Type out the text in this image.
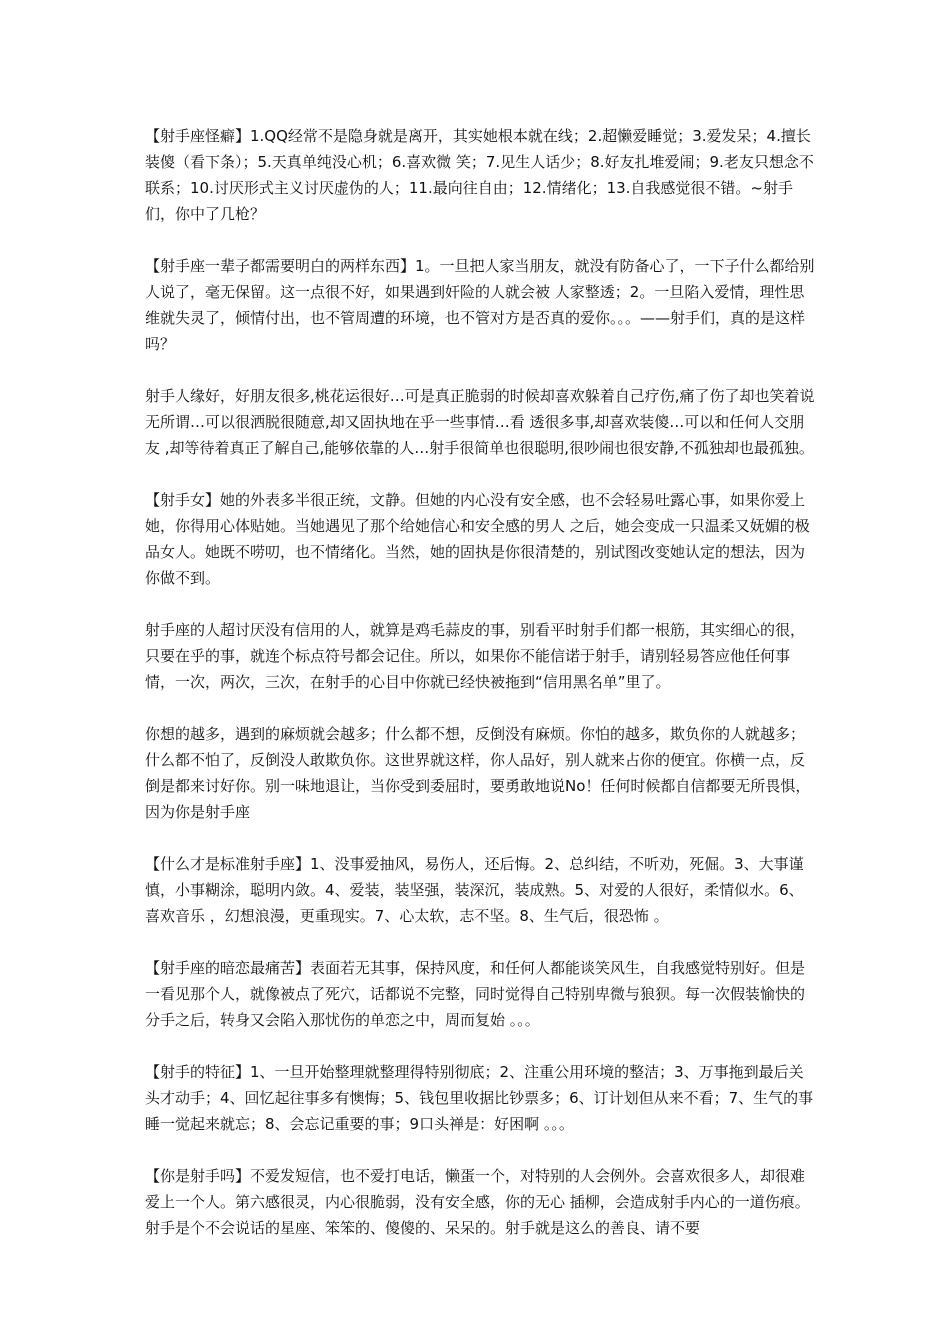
【射手座怪癖】1.QQ经常不是隐身就是离开，其实她根本就在线；2.超懒爱睡觉；3.爱发呆；4.擅长装傻（看下条）；5.天真单纯没心机；6.喜欢微 笑；7.见生人话少；8.好友扎堆爱闹；9.老友只想念不联系；10.讨厌形式主义讨厌虚伪的人；11.最向往自由；12.情绪化；13.自我感觉很不错。~射手们，你中了几枪？

【射手座一辈子都需要明白的两样东西】1。一旦把人家当朋友，就没有防备心了，一下子什么都给别人说了，毫无保留。这一点很不好，如果遇到奸险的人就会被 人家整透；2。一旦陷入爱情，理性思维就失灵了，倾情付出，也不管周遭的环境，也不管对方是否真的爱你。。。——射手们，真的是这样吗？

射手人缘好，好朋友很多,桃花运很好…可是真正脆弱的时候却喜欢躲着自己疗伤,痛了伤了却也笑着说无所谓…可以很洒脱很随意,却又固执地在乎一些事情…看 透很多事,却喜欢装傻…可以和任何人交朋友 ,却等待着真正了解自己,能够依靠的人…射手很简单也很聪明,很吵闹也很安静,不孤独却也最孤独。

【射手女】她的外表多半很正统，文静。但她的内心没有安全感，也不会轻易吐露心事，如果你爱上她，你得用心体贴她。当她遇见了那个给她信心和安全感的男人 之后，她会变成一只温柔又妩媚的极品女人。她既不唠叨，也不情绪化。当然，她的固执是你很清楚的，别试图改变她认定的想法，因为你做不到。

射手座的人超讨厌没有信用的人，就算是鸡毛蒜皮的事，别看平时射手们都一根筋，其实细心的很，只要在乎的事，就连个标点符号都会记住。所以，如果你不能信诺于射手，请别轻易答应他任何事情，一次，两次，三次，在射手的心目中你就已经快被拖到“信用黑名单”里了。

你想的越多，遇到的麻烦就会越多；什么都不想，反倒没有麻烦。你怕的越多，欺负你的人就越多；什么都不怕了，反倒没人敢欺负你。这世界就这样，你人品好，别人就来占你的便宜。你横一点，反倒是都来讨好你。别一味地退让，当你受到委屈时，要勇敢地说No！任何时候都自信都要无所畏惧，因为你是射手座

【什么才是标准射手座】1、没事爱抽风，易伤人，还后悔。2、总纠结，不听劝，死倔。3、大事谨慎，小事糊涂，聪明内敛。4、爱装，装坚强，装深沉，装成熟。5、对爱的人很好，柔情似水。6、喜欢音乐 ，幻想浪漫，更重现实。7、心太软，志不坚。8、生气后，很恐怖 。

【射手座的暗恋最痛苦】表面若无其事，保持风度，和任何人都能谈笑风生，自我感觉特别好。但是一看见那个人，就像被点了死穴，话都说不完整，同时觉得自己特别卑微与狼狈。每一次假装愉快的分手之后，转身又会陷入那忧伤的单恋之中，周而复始 。。。

【射手的特征】1、一旦开始整理就整理得特别彻底；2、注重公用环境的整洁；3、万事拖到最后关头才动手；4、回忆起往事多有懊悔；5、钱包里收据比钞票多；6、订计划但从来不看；7、生气的事睡一觉起来就忘；8、会忘记重要的事；9口头禅是：好困啊 。。。

【你是射手吗】不爱发短信，也不爱打电话，懒蛋一个，对特别的人会例外。会喜欢很多人，却很难爱上一个人。第六感很灵，内心很脆弱，没有安全感，你的无心 插柳，会造成射手内心的一道伤痕。射手是个不会说话的星座、笨笨的、傻傻的、呆呆的。射手就是这么的善良、请不要
